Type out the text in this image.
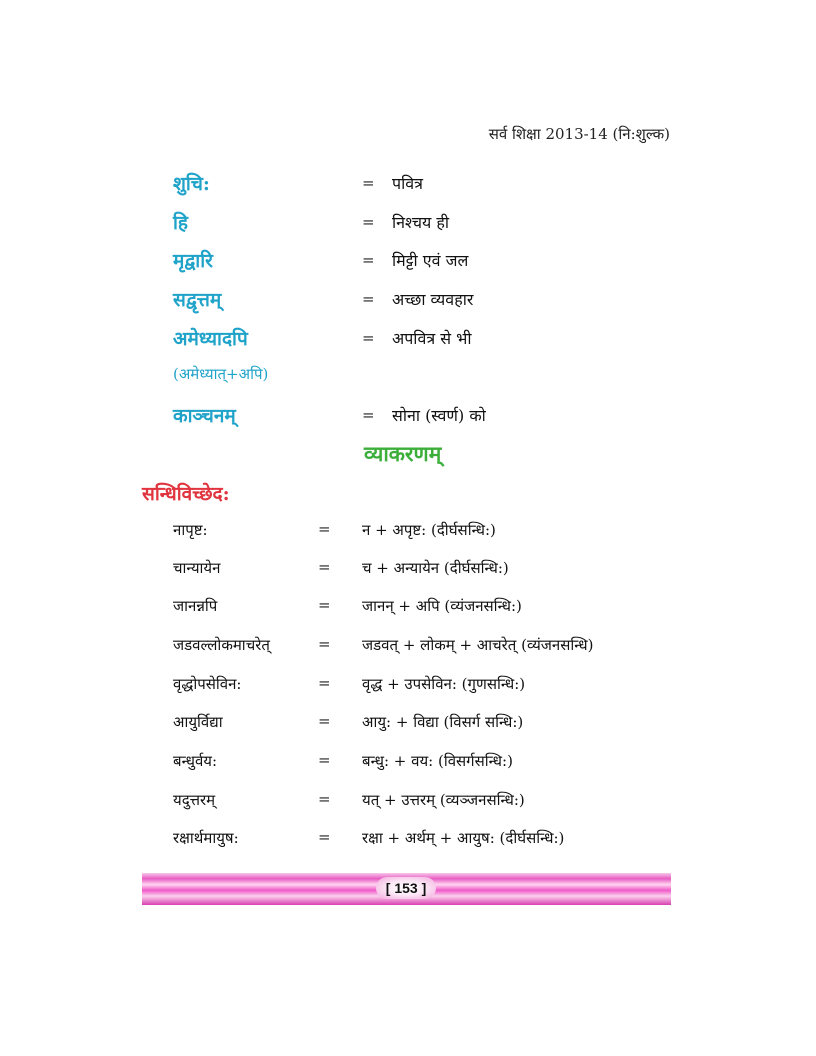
सर्व शिक्षा 2013-14 (नि:शुल्क)
शुचि:	= पवित्र
हि	= निश्चय ही
मृद्वारि	= मिट्टी एवं जल
सद्वृत्तम्	= अच्छा व्यवहार
अमेध्यादपि	= अपवित्र से भी
(अमेध्यात्+अपि)
काञ्चनम्	= सोना (स्वर्ण) को
व्याकरणम्
सन्धिविच्छेद:
नापृष्ट:	= न + अपृष्ट: (दीर्घसन्धि:)
चान्यायेन	= च + अन्यायेन (दीर्घसन्धि:)
जानन्नपि	= जानन् + अपि (व्यंजनसन्धि:)
जडवल्लोकमाचरेत्	= जडवत् + लोकम् + आचरेत् (व्यंजनसन्धि)
वृद्धोपसेविन:	= वृद्ध + उपसेविन: (गुणसन्धि:)
आयुर्विद्या	= आयु: + विद्या (विसर्ग सन्धि:)
बन्धुर्वय:	= बन्धु: + वय: (विसर्गसन्धि:)
यदुत्तरम्	= यत् + उत्तरम् (व्यञ्जनसन्धि:)
रक्षार्थमायुष:	= रक्षा + अर्थम् + आयुष: (दीर्घसन्धि:)
[ 153 ]
